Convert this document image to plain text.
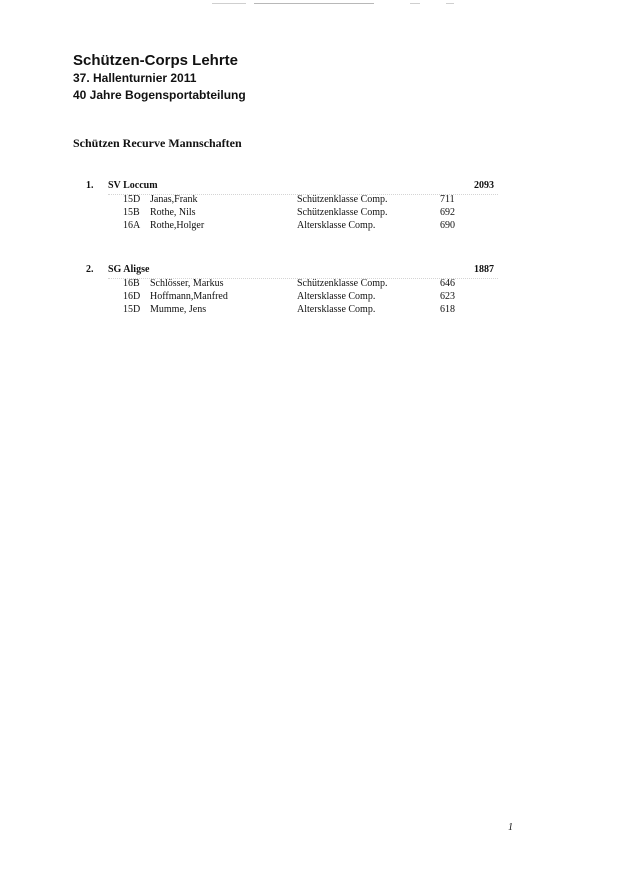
Schützen-Corps Lehrte

37. Hallenturnier 2011

40 Jahre Bogensportabteilung

Schützen Recurve Mannschaften
1. SV Loccum	2093
15D Janas,Frank	Schützenklasse Comp.	711
15B Rothe, Nils	Schützenklasse Comp.	692
16A Rothe,Holger	Altersklasse Comp.	690
2. SG Aligse	1887
16B Schlösser, Markus	Schützenklasse Comp.	646
16D Hoffmann,Manfred	Altersklasse Comp.	623
15D Mumme, Jens	Altersklasse Comp.	618
1
